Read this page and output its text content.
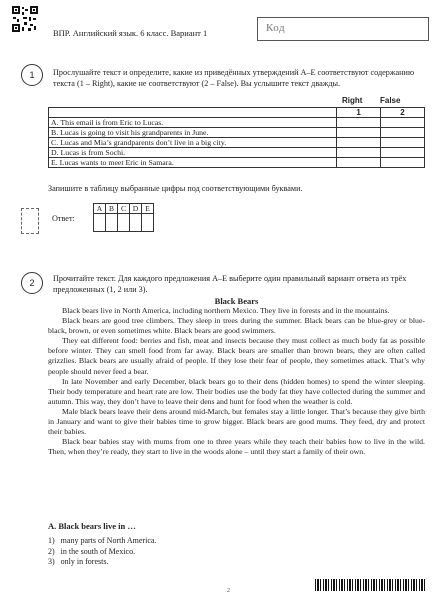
ВПР. Английский язык. 6 класс. Вариант 1	Код
1	Прослушайте текст и определите, какие из приведённых утверждений A–E соответствуют содержанию текста (1 – Right), какие не соответствуют (2 – False). Вы услышите текст дважды.
Right False
	1	2
A. This email is from Eric to Lucas.		
B. Lucas is going to visit his grandparents in June.		
C. Lucas and Mia’s grandparents don’t live in a big city.		
D. Lucas is from Sochi.		
E. Lucas wants to meet Eric in Samara.		
Запишите в таблицу выбранные цифры под соответствующими буквами.
Ответ:
A	B	C	D	E

2	Прочитайте текст. Для каждого предложения A–E выберите один правильный вариант ответа из трёх предложенных (1, 2 или 3).
Black Bears

Black bears live in North America, including northern Mexico. They live in forests and in the mountains.

Black bears are good tree climbers. They sleep in trees during the summer. Black bears can be blue-grey or blue-black, brown, or even sometimes white. Black bears are good swimmers.

They eat different food: berries and fish, meat and insects because they must collect as much body fat as possible before winter. They can smell food from far away. Black bears are smaller than brown bears, they are often called grizzlies. Black bears are usually afraid of people. If they lose their fear of people, they sometimes attack. That’s why people should never feed a bear.

In late November and early December, black bears go to their dens (hidden homes) to spend the winter sleeping. Their body temperature and heart rate are low. Their bodies use the body fat they have collected during the summer and autumn. This way, they don’t have to leave their dens and hunt for food when the weather is cold.

Male black bears leave their dens around mid-March, but females stay a little longer. That’s because they give birth in January and want to give their babies time to grow bigger. Black bears are good mums. They feed, dry and protect their babies.

Black bear babies stay with mums from one to three years while they teach their babies how to live in the wild. Then, when they’re ready, they start to live in the woods alone – until they start a family of their own.

A. Black bears live in …
1) many parts of North America.
2) in the south of Mexico.
3) only in forests.
2
